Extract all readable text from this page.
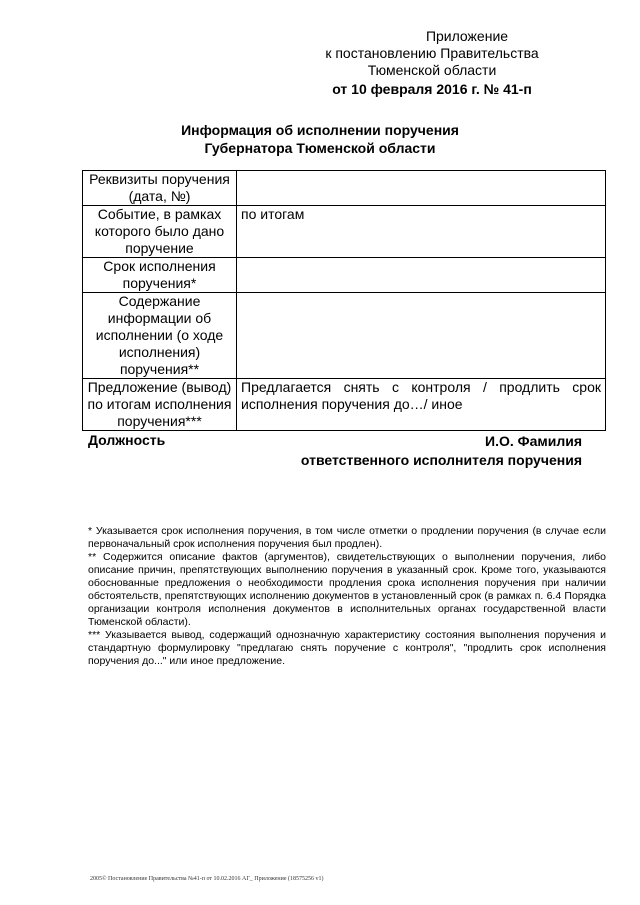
Приложение
к постановлению Правительства
Тюменской области
от 10 февраля 2016 г. № 41-п
Информация об исполнении поручения
Губернатора Тюменской области
Реквизиты поручения (дата, №)	
Событие, в рамках которого было дано поручение	по итогам
Срок исполнения поручения*	
Содержание информации об исполнении (о ходе исполнения) поручения**	
Предложение (вывод) по итогам исполнения поручения***	Предлагается снять с контроля / продлить срок исполнения поручения до…/ иное
Должность	И.О. Фамилия
ответственного исполнителя поручения

* Указывается срок исполнения поручения, в том числе отметки о продлении поручения (в случае если первоначальный срок исполнения поручения был продлен).

** Содержится описание фактов (аргументов), свидетельствующих о выполнении поручения, либо описание причин, препятствующих выполнению поручения в указанный срок. Кроме того, указываются обоснованные предложения о необходимости продления срока исполнения поручения при наличии обстоятельств, препятствующих исполнению документов в установленный срок (в рамках п. 6.4 Порядка организации контроля исполнения документов в исполнительных органах государственной власти Тюменской области).

*** Указывается вывод, содержащий однозначную характеристику состояния выполнения поручения и стандартную формулировку "предлагаю снять поручение с контроля", "продлить срок исполнения поручения до..." или иное предложение.

2005© Постановление Правительства №41-п от 10.02.2016 АГ_ Приложение (18575256 v1)
